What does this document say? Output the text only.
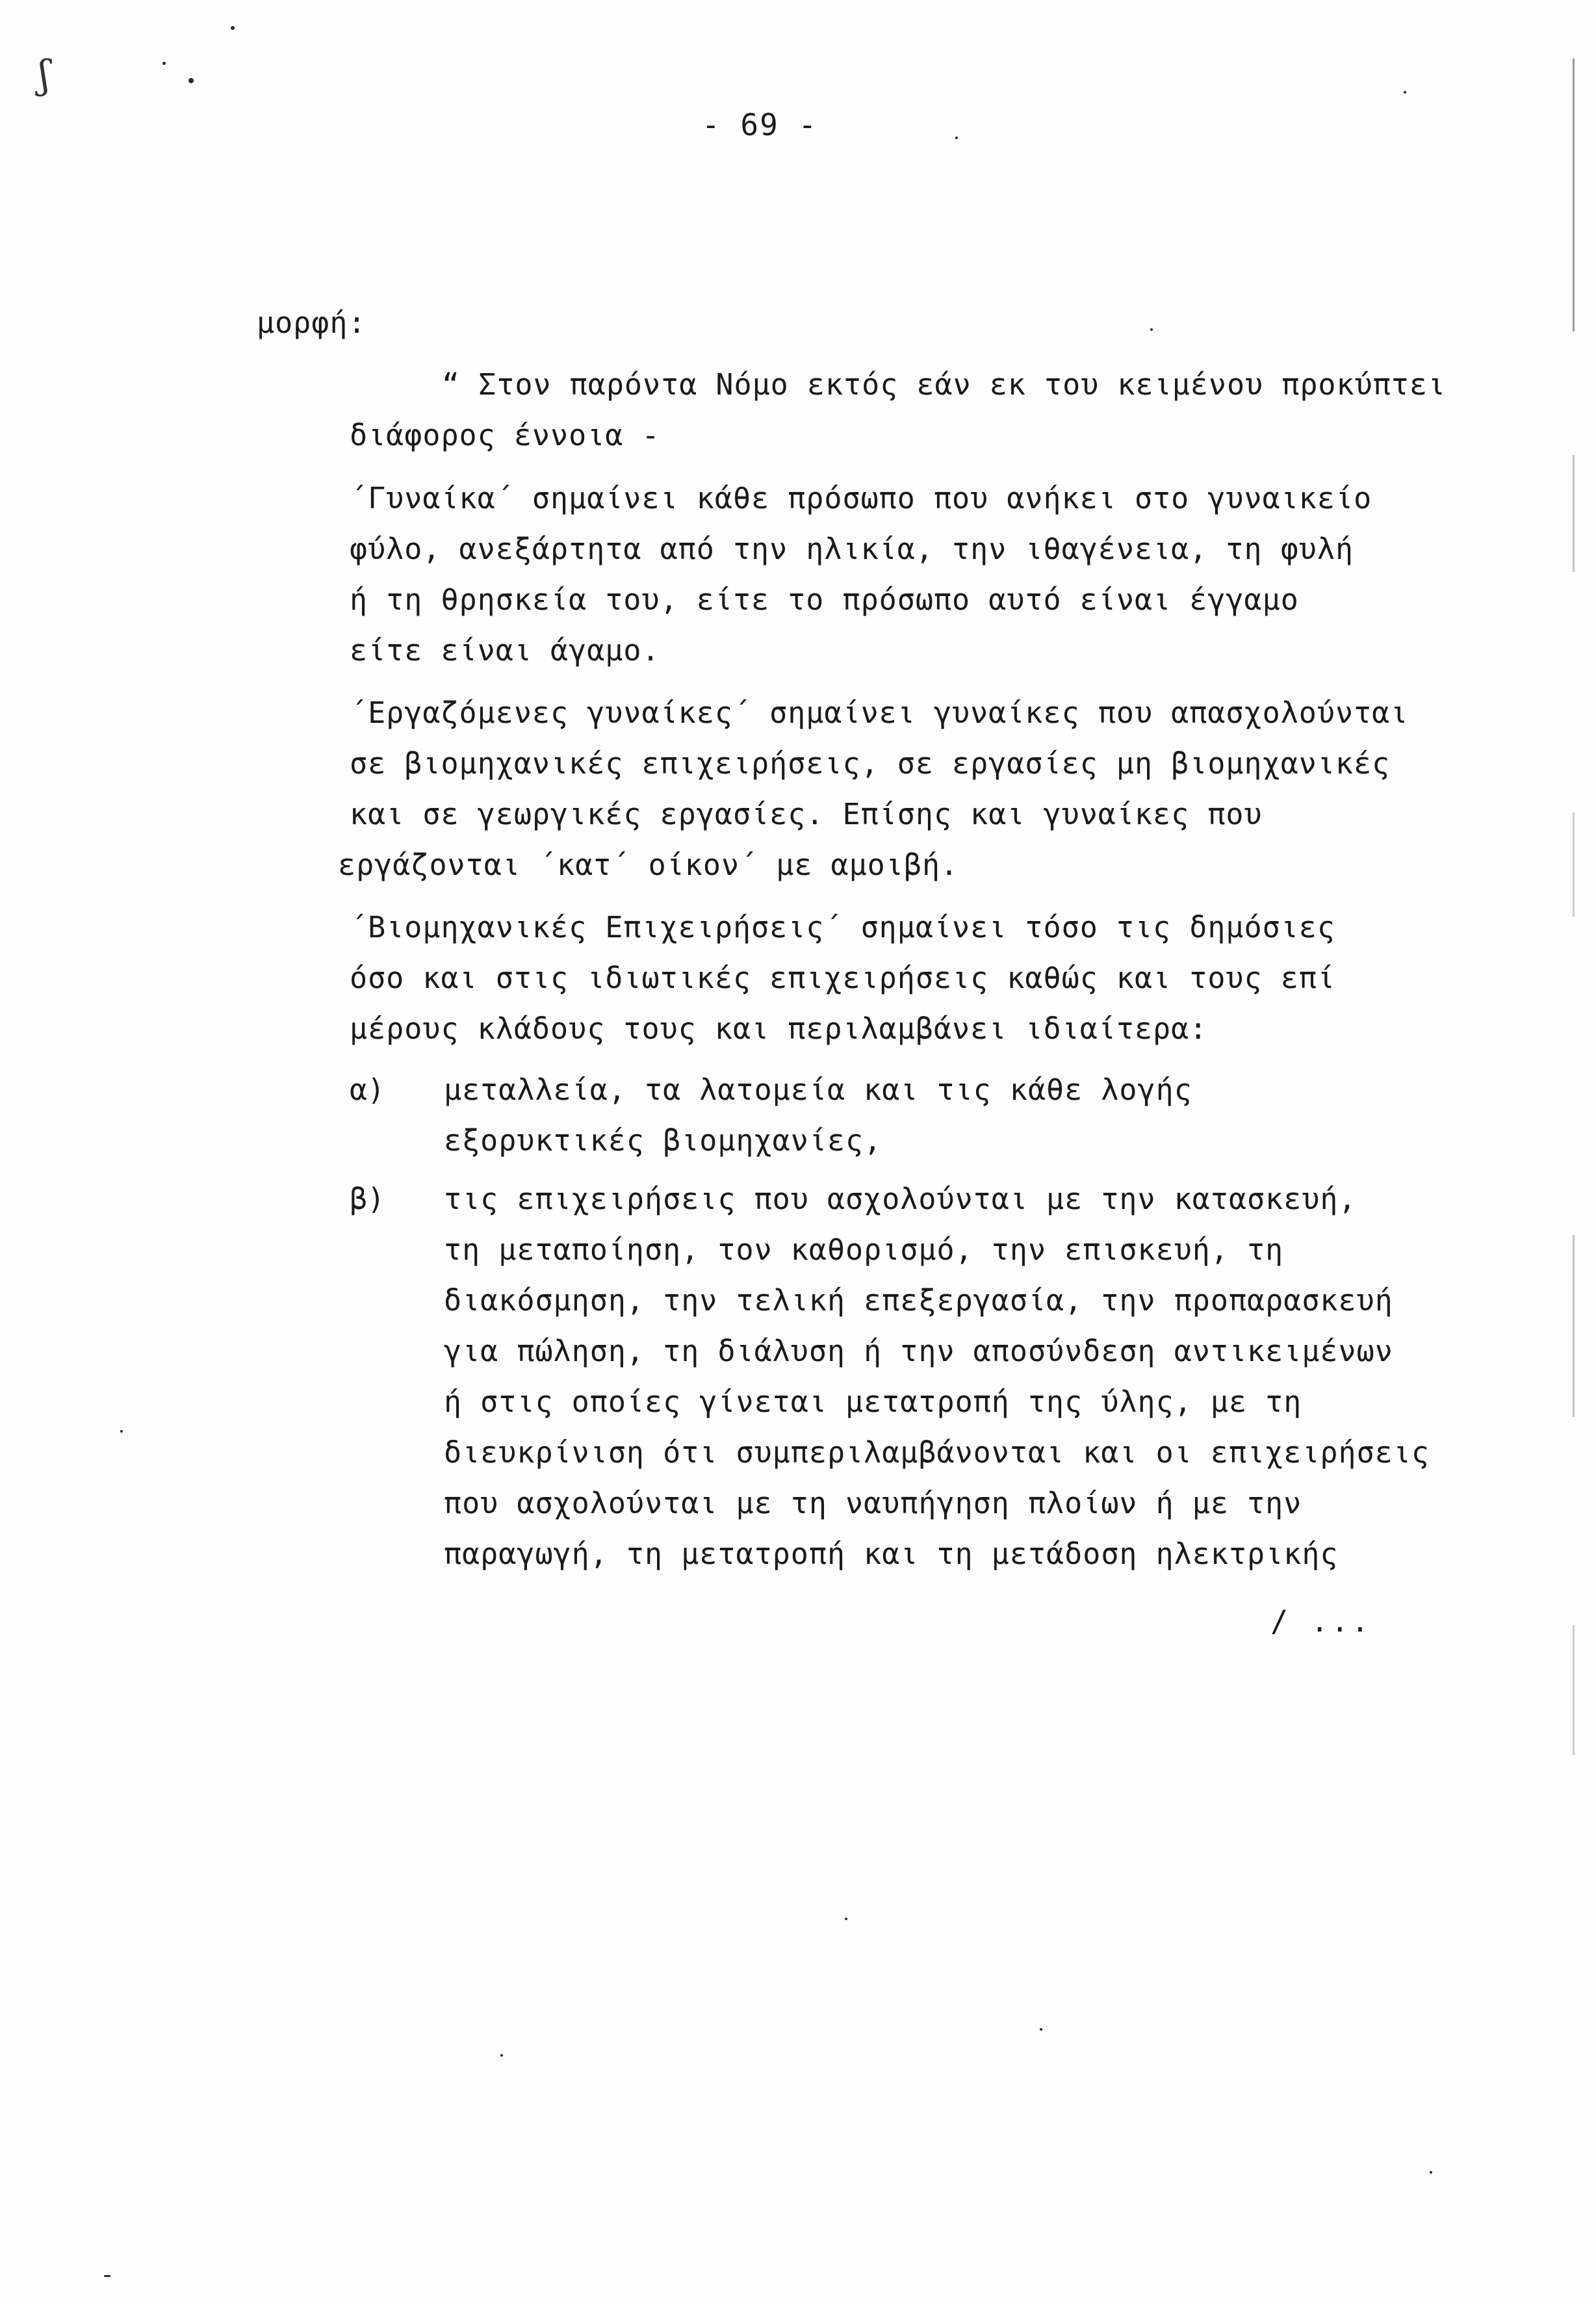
ʃ
- 69 -
μορφή:
“ Στον παρόντα Νόμο εκτός εάν εκ του κειμένου προκύπτει
διάφορος έννοια -
´Γυναίκα´ σημαίνει κάθε πρόσωπο που ανήκει στο γυναικείο
φύλο, ανεξάρτητα από την ηλικία, την ιθαγένεια, τη φυλή
ή τη θρησκεία του, είτε το πρόσωπο αυτό είναι έγγαμο
είτε είναι άγαμο.
´Εργαζόμενες γυναίκες´ σημαίνει γυναίκες που απασχολούνται
σε βιομηχανικές επιχειρήσεις, σε εργασίες μη βιομηχανικές
και σε γεωργικές εργασίες. Επίσης και γυναίκες που
εργάζονται ´κατ´ οίκον´ με αμοιβή.
´Βιομηχανικές Επιχειρήσεις´ σημαίνει τόσο τις δημόσιες
όσο και στις ιδιωτικές επιχειρήσεις καθώς και τους επί
μέρους κλάδους τους και περιλαμβάνει ιδιαίτερα:
α) μεταλλεία, τα λατομεία και τις κάθε λογής
εξορυκτικές βιομηχανίες,
β) τις επιχειρήσεις που ασχολούνται με την κατασκευή,
τη μεταποίηση, τον καθορισμό, την επισκευή, τη
διακόσμηση, την τελική επεξεργασία, την προπαρασκευή
για πώληση, τη διάλυση ή την αποσύνδεση αντικειμένων
ή στις οποίες γίνεται μετατροπή της ύλης, με τη
διευκρίνιση ότι συμπεριλαμβάνονται και οι επιχειρήσεις
που ασχολούνται με τη ναυπήγηση πλοίων ή με την
παραγωγή, τη μετατροπή και τη μετάδοση ηλεκτρικής
/ ...
